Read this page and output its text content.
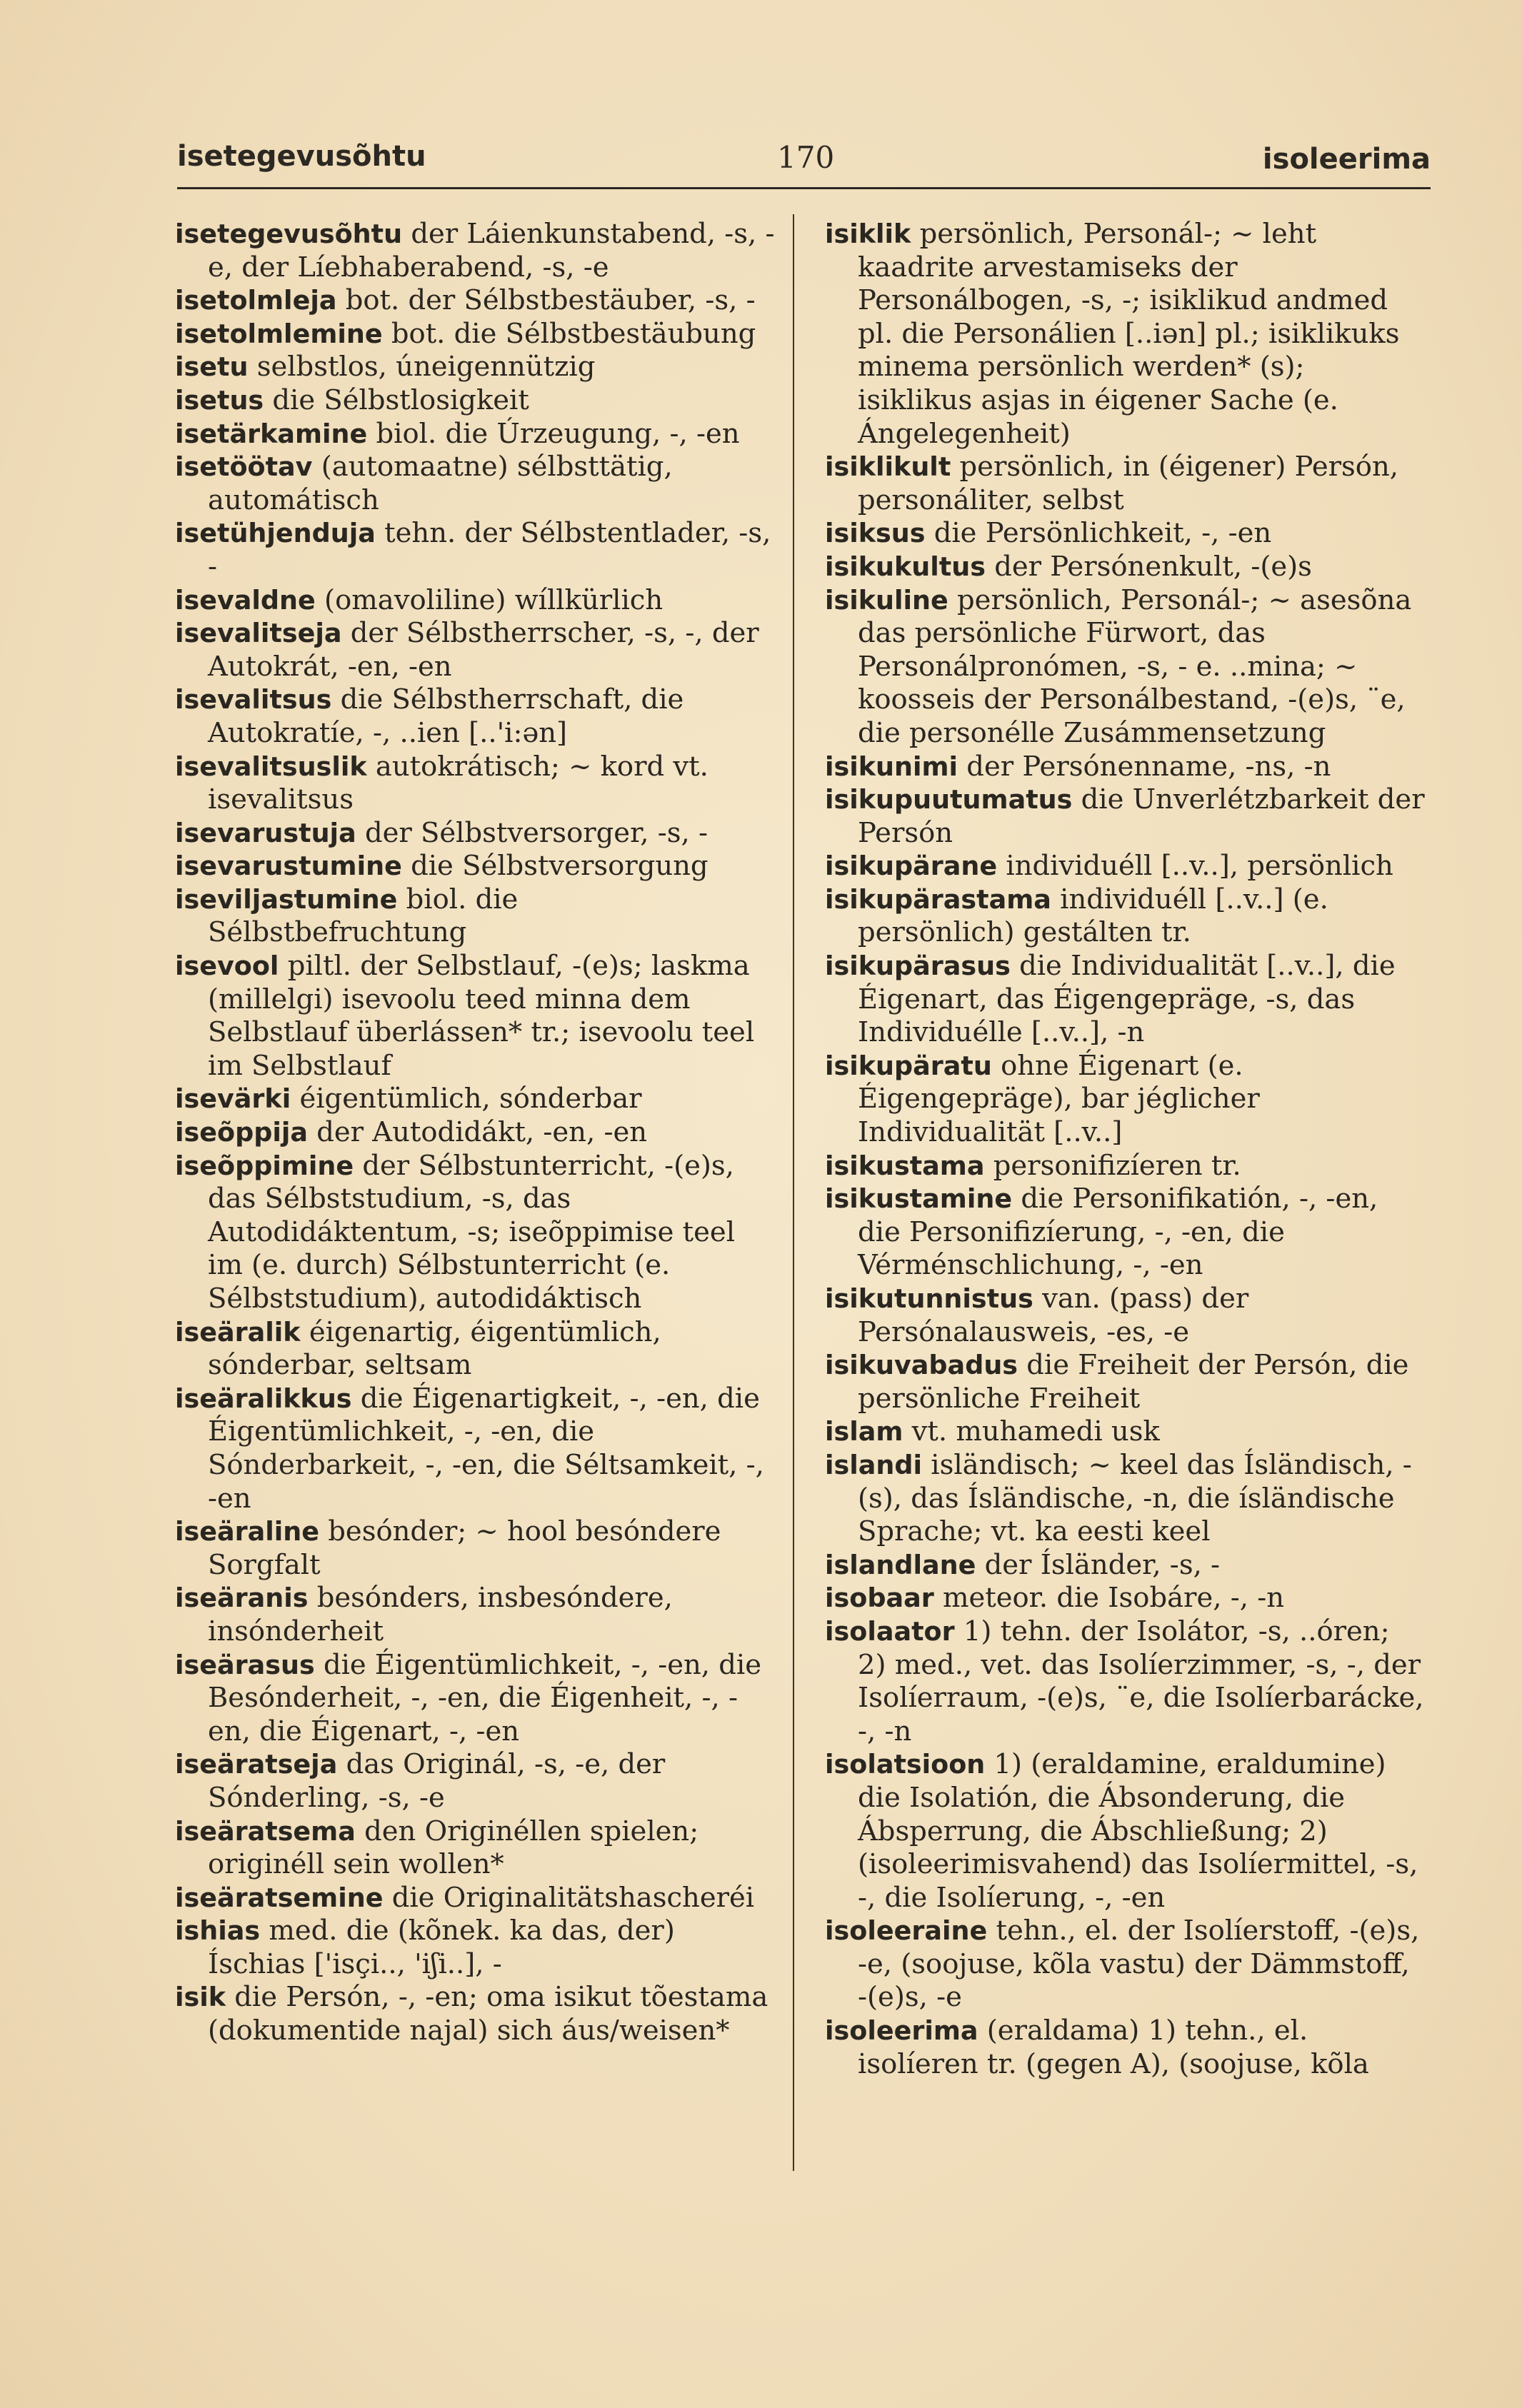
isetegevusõhtu	170	isoleerima

isetegevusõhtu der Láienkunstabend, -s, -e, der Líebhaberabend, -s, -e

isetolmleja bot. der Sélbstbestäuber, -s, -

isetolmlemine bot. die Sélbstbestäubung

isetu selbstlos, úneigennützig

isetus die Sélbstlosigkeit

isetärkamine biol. die Úrzeugung, -, -en

isetöötav (automaatne) sélbsttätig, automátisch

isetühjenduja tehn. der Sélbstentlader, -s, -

isevaldne (omavoliline) wíllkürlich

isevalitseja der Sélbstherrscher, -s, -, der Autokrát, -en, -en

isevalitsus die Sélbstherrschaft, die Autokratíe, -, ..ien [..'i:ən]

isevalitsuslik autokrátisch; ~ kord vt. isevalitsus

isevarustuja der Sélbstversorger, -s, -

isevarustumine die Sélbstversorgung

iseviljastumine biol. die Sélbstbefruchtung

isevool piltl. der Selbstlauf, -(e)s; laskma (millelgi) isevoolu teed minna dem Selbstlauf überlássen* tr.; isevoolu teel im Selbstlauf

isevärki éigentümlich, sónderbar

iseõppija der Autodidákt, -en, -en

iseõppimine der Sélbstunterricht, -(e)s, das Sélbststudium, -s, das Autodidáktentum, -s; iseõppimise teel im (e. durch) Sélbstunterricht (e. Sélbststudium), autodidáktisch

iseäralik éigenartig, éigentümlich, sónderbar, seltsam

iseäralikkus die Éigenartigkeit, -, -en, die Éigentümlichkeit, -, -en, die Sónderbarkeit, -, -en, die Séltsamkeit, -, -en

iseäraline besónder; ~ hool besóndere Sorgfalt

iseäranis besónders, insbesóndere, insónderheit

iseärasus die Éigentümlichkeit, -, -en, die Besónderheit, -, -en, die Éigenheit, -, -en, die Éigenart, -, -en

iseäratseja das Originál, -s, -e, der Sónderling, -s, -e

iseäratsema den Originéllen spielen; originéll sein wollen*

iseäratsemine die Originalitätshascheréi

ishias med. die (kõnek. ka das, der) Íschias ['isçi.., 'iʃi..], -

isik die Persón, -, -en; oma isikut tõestama (dokumentide najal) sich áus/weisen*

isiklik persönlich, Personál-; ~ leht kaadrite arvestamiseks der Personálbogen, -s, -; isiklikud andmed pl. die Personálien [..iən] pl.; isiklikuks minema persönlich werden* (s); isiklikus asjas in éigener Sache (e. Ángelegenheit)

isiklikult persönlich, in (éigener) Persón, personáliter, selbst

isiksus die Persönlichkeit, -, -en

isikukultus der Persónenkult, -(e)s

isikuline persönlich, Personál-; ~ asesõna das persönliche Fürwort, das Personálpronómen, -s, - e. ..mina; ~ koosseis der Personálbestand, -(e)s, ¨e, die personélle Zusámmensetzung

isikunimi der Persónenname, -ns, -n

isikupuutumatus die Unverlétzbarkeit der Persón

isikupärane individuéll [..v..], persönlich

isikupärastama individuéll [..v..] (e. persönlich) gestálten tr.

isikupärasus die Individualität [..v..], die Éigenart, das Éigengepräge, -s, das Individuélle [..v..], -n

isikupäratu ohne Éigenart (e. Éigengepräge), bar jéglicher Individualität [..v..]

isikustama personifizíeren tr.

isikustamine die Personifikatión, -, -en, die Personifizíerung, -, -en, die Vérménschlichung, -, -en

isikutunnistus van. (pass) der Persónalausweis, -es, -e

isikuvabadus die Freiheit der Persón, die persönliche Freiheit

islam vt. muhamedi usk

islandi isländisch; ~ keel das Ísländisch, -(s), das Ísländische, -n, die ísländische Sprache; vt. ka eesti keel

islandlane der Ísländer, -s, -

isobaar meteor. die Isobáre, -, -n

isolaator 1) tehn. der Isolátor, -s, ..óren; 2) med., vet. das Isolíerzimmer, -s, -, der Isolíerraum, -(e)s, ¨e, die Isolíerbarácke, -, -n

isolatsioon 1) (eraldamine, eraldumine) die Isolatión, die Ábsonderung, die Ábsperrung, die Ábschließung; 2) (isoleerimisvahend) das Isolíermittel, -s, -, die Isolíerung, -, -en

isoleeraine tehn., el. der Isolíerstoff, -(e)s, -e, (soojuse, kõla vastu) der Dämmstoff, -(e)s, -e

isoleerima (eraldama) 1) tehn., el. isolíeren tr. (gegen A), (soojuse, kõla
